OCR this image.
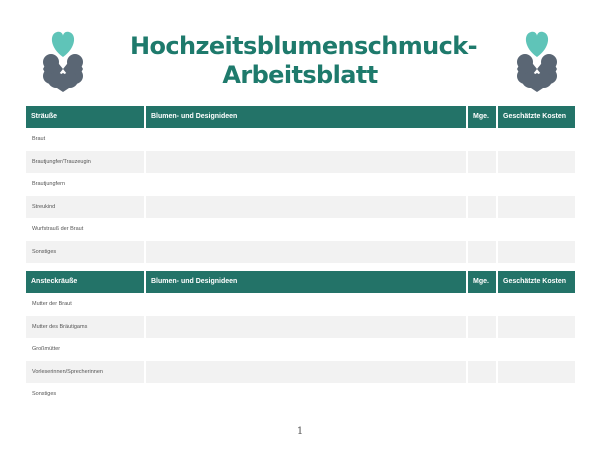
Hochzeitsblumenschmuck-
Arbeitsblatt
Sträuße	Blumen- und Designideen	Mge.	Geschätzte Kosten
Braut
Brautjungfer/Trauzeugin
Brautjungfern
Streukind
Wurfstrauß der Braut
Sonstiges
Ansteckräuße	Blumen- und Designideen	Mge.	Geschätzte Kosten
Mutter der Braut
Mutter des Bräutigams
Großmütter
Vorleserinnen/Sprecherinnen
Sonstiges
1
